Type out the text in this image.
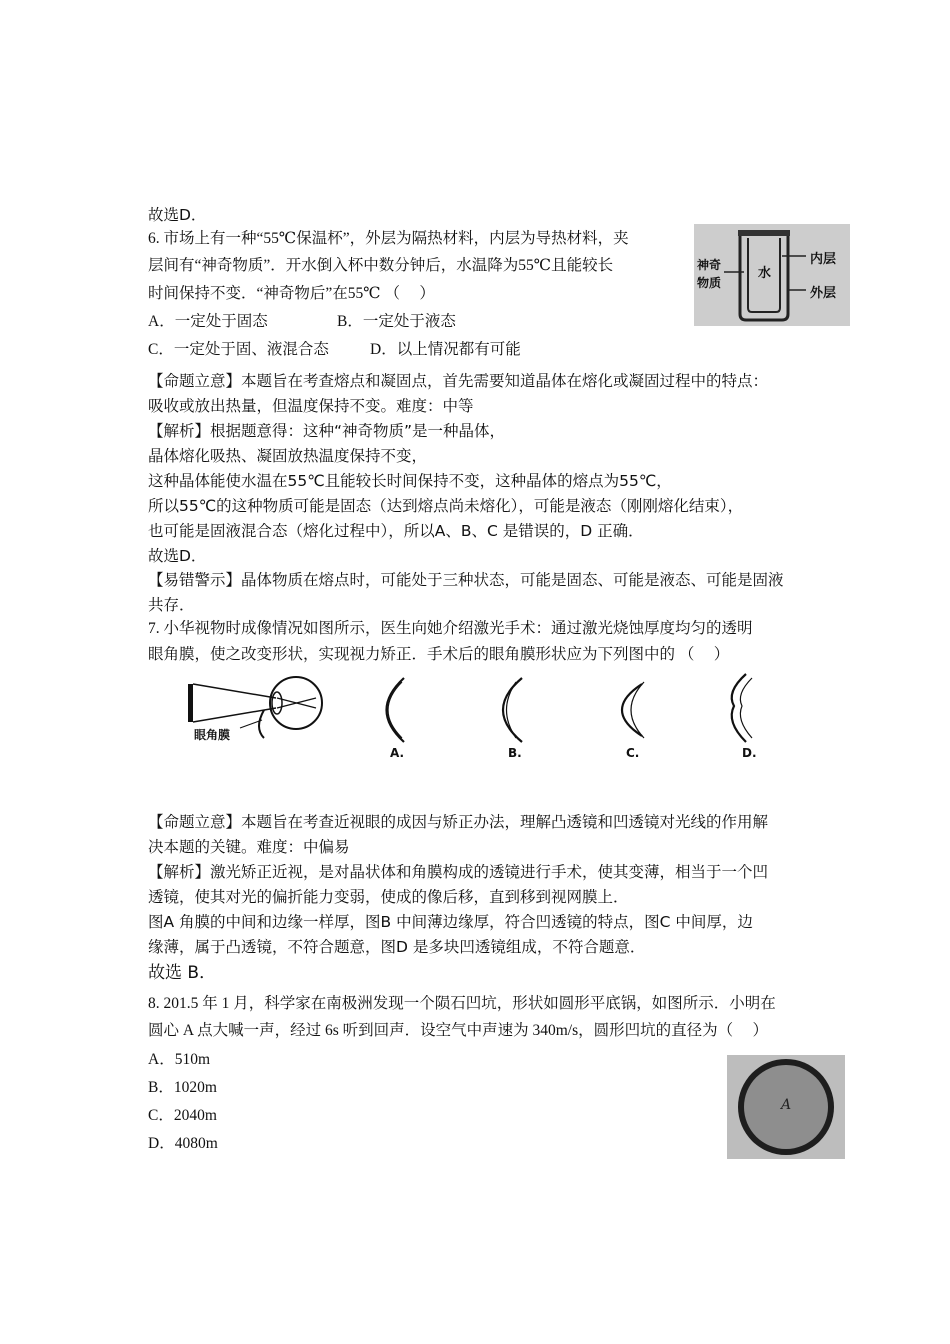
故选D．
6. 市场上有一种“55℃保温杯”，外层为隔热材料，内层为导热材料，夹
层间有“神奇物质”．开水倒入杯中数分钟后，水温降为55℃且能较长
时间保持不变．“神奇物后”在55℃ （　 ）
A．一定处于固态	B．一定处于液态
C．一定处于固、液混合态	D．以上情况都有可能
水
神奇
物质
内层
外层
【命题立意】本题旨在考查熔点和凝固点，首先需要知道晶体在熔化或凝固过程中的特点：
吸收或放出热量，但温度保持不变。难度：中等
【解析】根据题意得：这种“神奇物质”是一种晶体，
晶体熔化吸热、凝固放热温度保持不变，
这种晶体能使水温在55℃且能较长时间保持不变，这种晶体的熔点为55℃，
所以55℃的这种物质可能是固态（达到熔点尚未熔化），可能是液态（刚刚熔化结束），
也可能是固液混合态（熔化过程中），所以A、B、C 是错误的，D 正确．
故选D．
【易错警示】晶体物质在熔点时，可能处于三种状态，可能是固态、可能是液态、可能是固液
共存．
7. 小华视物时成像情况如图所示，医生向她介绍激光手术：通过激光烧蚀厚度均匀的透明
眼角膜，使之改变形状，实现视力矫正．手术后的眼角膜形状应为下列图中的 （　 ）
眼角膜
A.	B.	C.	D.
【命题立意】本题旨在考查近视眼的成因与矫正办法，理解凸透镜和凹透镜对光线的作用解
决本题的关键。难度：中偏易
【解析】激光矫正近视，是对晶状体和角膜构成的透镜进行手术，使其变薄，相当于一个凹
透镜，使其对光的偏折能力变弱，使成的像后移，直到移到视网膜上．
图A 角膜的中间和边缘一样厚，图B 中间薄边缘厚，符合凹透镜的特点，图C 中间厚，边
缘薄，属于凸透镜，不符合题意，图D 是多块凹透镜组成，不符合题意．
故选 B．
8. 201.5 年 1 月，科学家在南极洲发现一个陨石凹坑，形状如圆形平底锅，如图所示．小明在
圆心 A 点大喊一声，经过 6s 听到回声．设空气中声速为 340m/s，圆形凹坑的直径为（　 ）
A．510m
B．1020m
C．2040m
D．4080m
A
